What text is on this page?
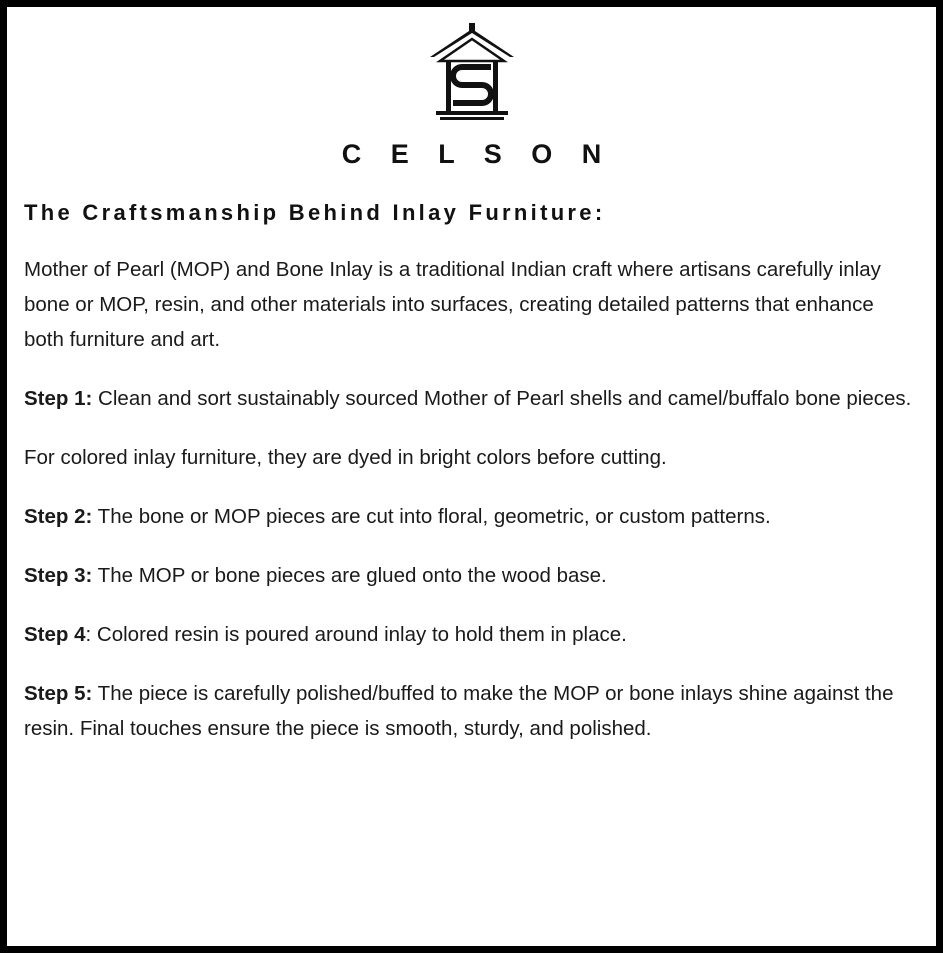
C E L S O N
The Craftsmanship Behind Inlay Furniture:

Mother of Pearl (MOP) and Bone Inlay is a traditional Indian craft where artisans carefully inlay bone or MOP, resin, and other materials into surfaces, creating detailed patterns that enhance both furniture and art.

Step 1: Clean and sort sustainably sourced Mother of Pearl shells and camel/buffalo bone pieces.

For colored inlay furniture, they are dyed in bright colors before cutting.

Step 2: The bone or MOP pieces are cut into floral, geometric, or custom patterns.

Step 3: The MOP or bone pieces are glued onto the wood base.

Step 4: Colored resin is poured around inlay to hold them in place.

Step 5: The piece is carefully polished/buffed to make the MOP or bone inlays shine against the resin. Final touches ensure the piece is smooth, sturdy, and polished.
